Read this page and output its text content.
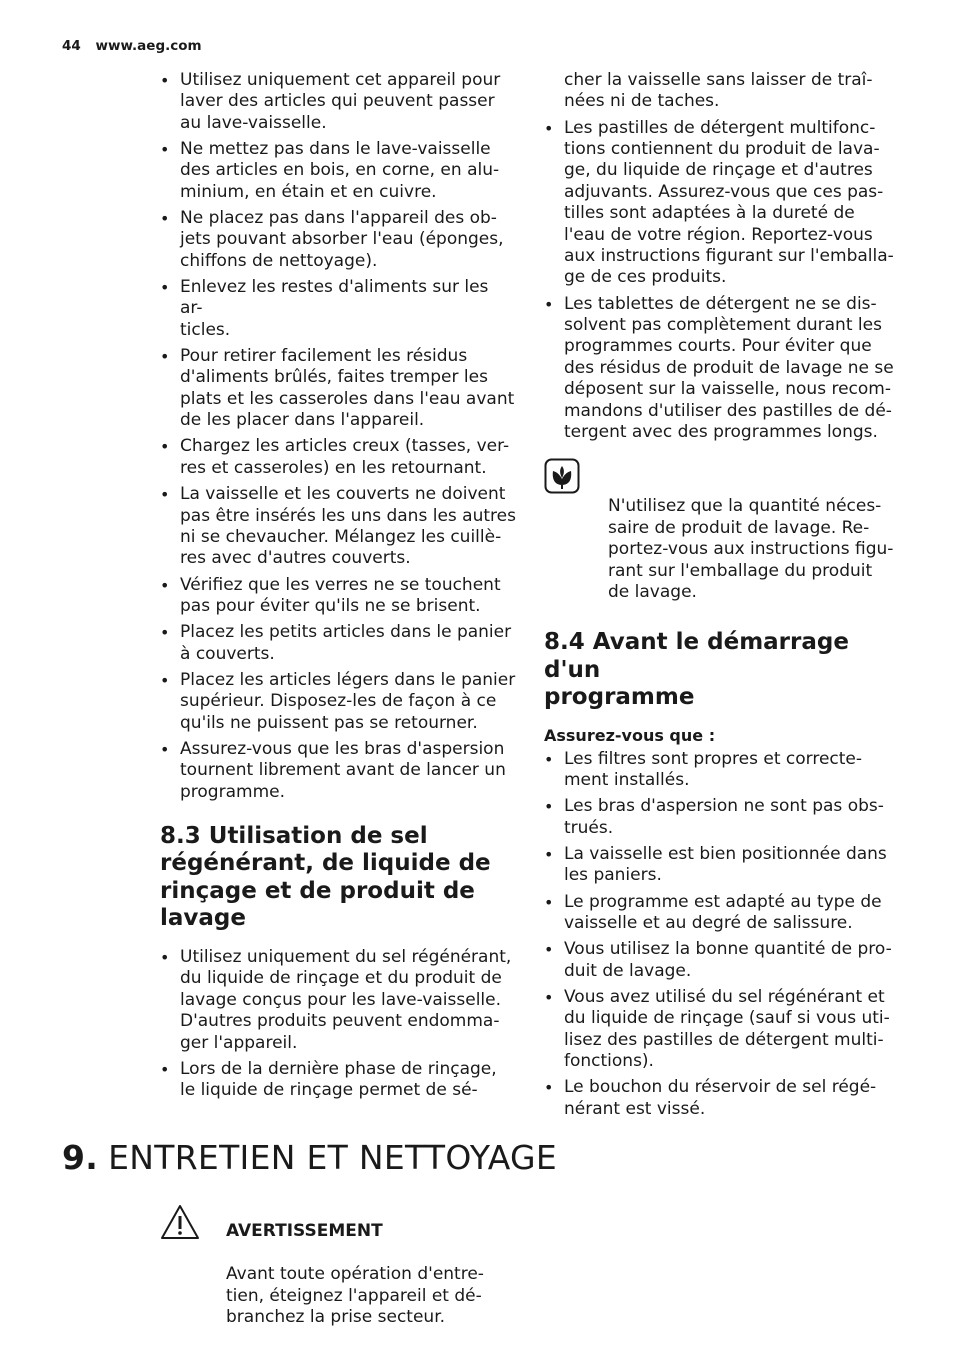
44 www.aeg.com
• Utilisez uniquement cet appareil pour
laver des articles qui peuvent passer
au lave-vaisselle.
• Ne mettez pas dans le lave-vaisselle
des articles en bois, en corne, en alu-
minium, en étain et en cuivre.
• Ne placez pas dans l'appareil des ob-
jets pouvant absorber l'eau (éponges,
chiffons de nettoyage).
• Enlevez les restes d'aliments sur les ar-
ticles.
• Pour retirer facilement les résidus
d'aliments brûlés, faites tremper les
plats et les casseroles dans l'eau avant
de les placer dans l'appareil.
• Chargez les articles creux (tasses, ver-
res et casseroles) en les retournant.
• La vaisselle et les couverts ne doivent
pas être insérés les uns dans les autres
ni se chevaucher. Mélangez les cuillè-
res avec d'autres couverts.
• Vérifiez que les verres ne se touchent
pas pour éviter qu'ils ne se brisent.
• Placez les petits articles dans le panier
à couverts.
• Placez les articles légers dans le panier
supérieur. Disposez-les de façon à ce
qu'ils ne puissent pas se retourner.
• Assurez-vous que les bras d'aspersion
tournent librement avant de lancer un
programme.
8.3 Utilisation de sel
régénérant, de liquide de
rinçage et de produit de
lavage
• Utilisez uniquement du sel régénérant,
du liquide de rinçage et du produit de
lavage conçus pour les lave-vaisselle.
D'autres produits peuvent endomma-
ger l'appareil.
• Lors de la dernière phase de rinçage,
le liquide de rinçage permet de sé-
cher la vaisselle sans laisser de traî-
nées ni de taches.
• Les pastilles de détergent multifonc-
tions contiennent du produit de lava-
ge, du liquide de rinçage et d'autres
adjuvants. Assurez-vous que ces pas-
tilles sont adaptées à la dureté de
l'eau de votre région. Reportez-vous
aux instructions figurant sur l'emballa-
ge de ces produits.
• Les tablettes de détergent ne se dis-
solvent pas complètement durant les
programmes courts. Pour éviter que
des résidus de produit de lavage ne se
déposent sur la vaisselle, nous recom-
mandons d'utiliser des pastilles de dé-
tergent avec des programmes longs.

N'utilisez que la quantité néces-
saire de produit de lavage. Re-
portez-vous aux instructions figu-
rant sur l'emballage du produit
de lavage.

8.4 Avant le démarrage d'un
programme
Assurez-vous que :
• Les filtres sont propres et correcte-
ment installés.
• Les bras d'aspersion ne sont pas obs-
trués.
• La vaisselle est bien positionnée dans
les paniers.
• Le programme est adapté au type de
vaisselle et au degré de salissure.
• Vous utilisez la bonne quantité de pro-
duit de lavage.
• Vous avez utilisé du sel régénérant et
du liquide de rinçage (sauf si vous uti-
lisez des pastilles de détergent multi-
fonctions).
• Le bouchon du réservoir de sel régé-
nérant est vissé.
9. ENTRETIEN ET NETTOYAGE

AVERTISSEMENT

Avant toute opération d'entre-
tien, éteignez l'appareil et dé-
branchez la prise secteur.
